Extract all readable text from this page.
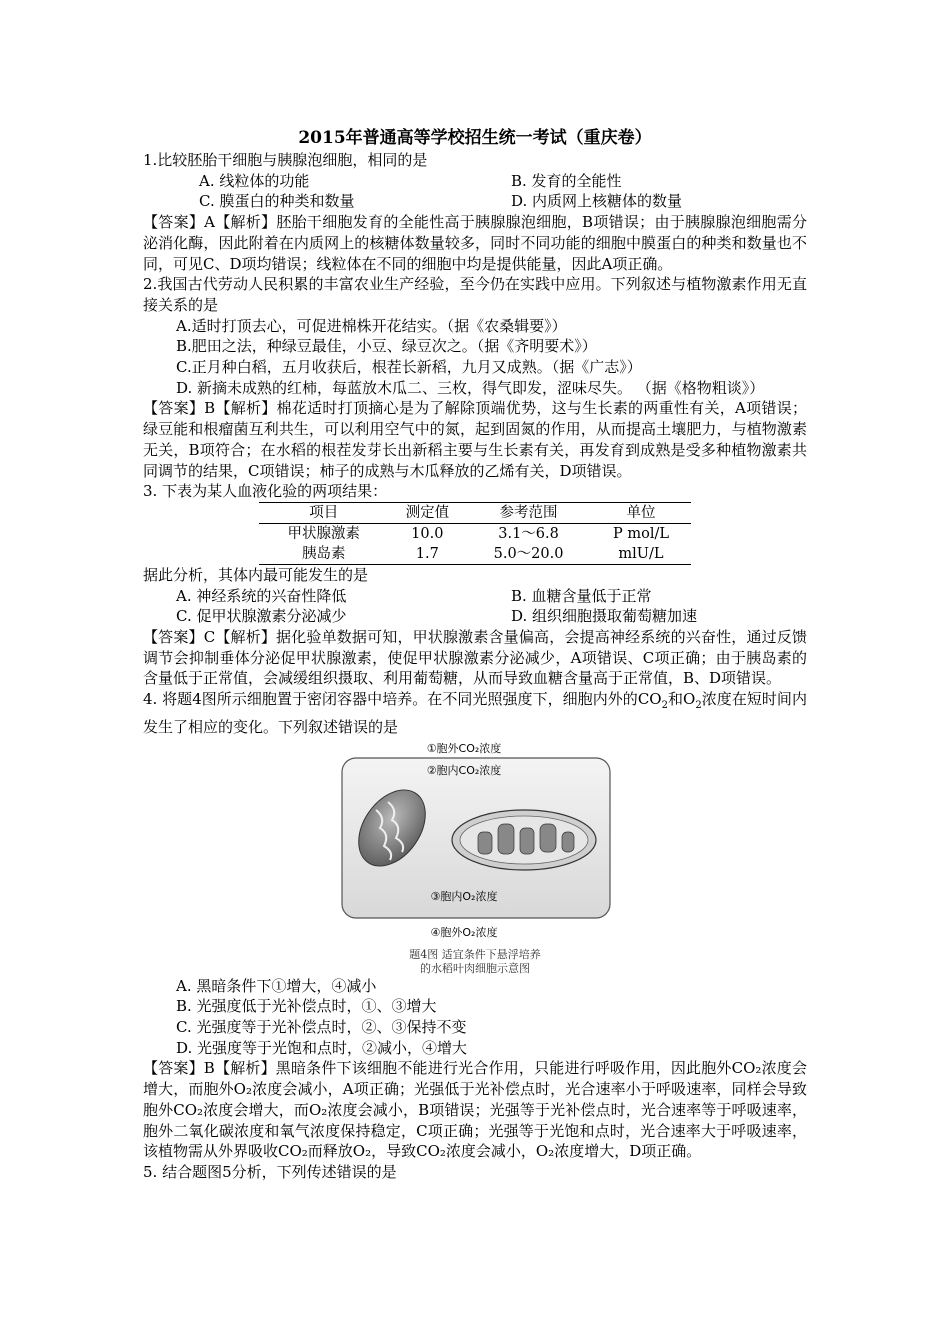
2015年普通高等学校招生统一考试（重庆卷）

1.比较胚胎干细胞与胰腺泡细胞，相同的是

A. 线粒体的功能	B. 发育的全能性
C. 膜蛋白的种类和数量	D. 内质网上核糖体的数量

【答案】A【解析】胚胎干细胞发育的全能性高于胰腺腺泡细胞，B项错误；由于胰腺腺泡细胞需分泌消化酶，因此附着在内质网上的核糖体数量较多，同时不同功能的细胞中膜蛋白的种类和数量也不同，可见C、D项均错误；线粒体在不同的细胞中均是提供能量，因此A项正确。

2.我国古代劳动人民积累的丰富农业生产经验，至今仍在实践中应用。下列叙述与植物激素作用无直接关系的是

A.适时打顶去心，可促进棉株开花结实。（据《农桑辑要》）

B.肥田之法，种绿豆最佳，小豆、绿豆次之。（据《齐明要术》）

C.正月种白稻，五月收获后，根茬长新稻，九月又成熟。（据《广志》）

D. 新摘未成熟的红柿，每蓝放木瓜二、三枚，得气即发，涩味尽失。 （据《格物粗谈》）

【答案】B【解析】棉花适时打顶摘心是为了解除顶端优势，这与生长素的两重性有关，A项错误；绿豆能和根瘤菌互利共生，可以利用空气中的氮，起到固氮的作用，从而提高土壤肥力，与植物激素无关，B项符合；在水稻的根茬发芽长出新稻主要与生长素有关，再发育到成熟是受多种植物激素共同调节的结果，C项错误；柿子的成熟与木瓜释放的乙烯有关，D项错误。

3. 下表为某人血液化验的两项结果：

项目	测定值	参考范围	单位
甲状腺激素	10.0	3.1～6.8	P mol/L
胰岛素	1.7	5.0～20.0	mlU/L

据此分析，其体内最可能发生的是

A. 神经系统的兴奋性降低	B. 血糖含量低于正常
C. 促甲状腺激素分泌减少	D. 组织细胞摄取葡萄糖加速

【答案】C【解析】据化验单数据可知，甲状腺激素含量偏高，会提高神经系统的兴奋性，通过反馈调节会抑制垂体分泌促甲状腺激素，使促甲状腺激素分泌减少，A项错误、C项正确；由于胰岛素的含量低于正常值，会减缓组织摄取、利用葡萄糖，从而导致血糖含量高于正常值，B、D项错误。

4. 将题4图所示细胞置于密闭容器中培养。在不同光照强度下，细胞内外的$CO_2$和$O_2$浓度在短时间内发生了相应的变化。下列叙述错误的是

①胞外CO₂浓度
②胞内CO₂浓度
③胞内O₂浓度
④胞外O₂浓度
题4图 适宜条件下悬浮培养
的水稻叶肉细胞示意图

A. 黑暗条件下①增大，④减小

B. 光强度低于光补偿点时，①、③增大

C. 光强度等于光补偿点时，②、③保持不变

D. 光强度等于光饱和点时，②减小，④增大

【答案】B【解析】黑暗条件下该细胞不能进行光合作用，只能进行呼吸作用，因此胞外CO₂浓度会增大，而胞外O₂浓度会减小，A项正确；光强低于光补偿点时，光合速率小于呼吸速率，同样会导致胞外CO₂浓度会增大，而O₂浓度会减小，B项错误；光强等于光补偿点时，光合速率等于呼吸速率，胞外二氧化碳浓度和氧气浓度保持稳定，C项正确；光强等于光饱和点时，光合速率大于呼吸速率，该植物需从外界吸收CO₂而释放O₂，导致CO₂浓度会减小，O₂浓度增大，D项正确。

5. 结合题图5分析，下列传述错误的是
